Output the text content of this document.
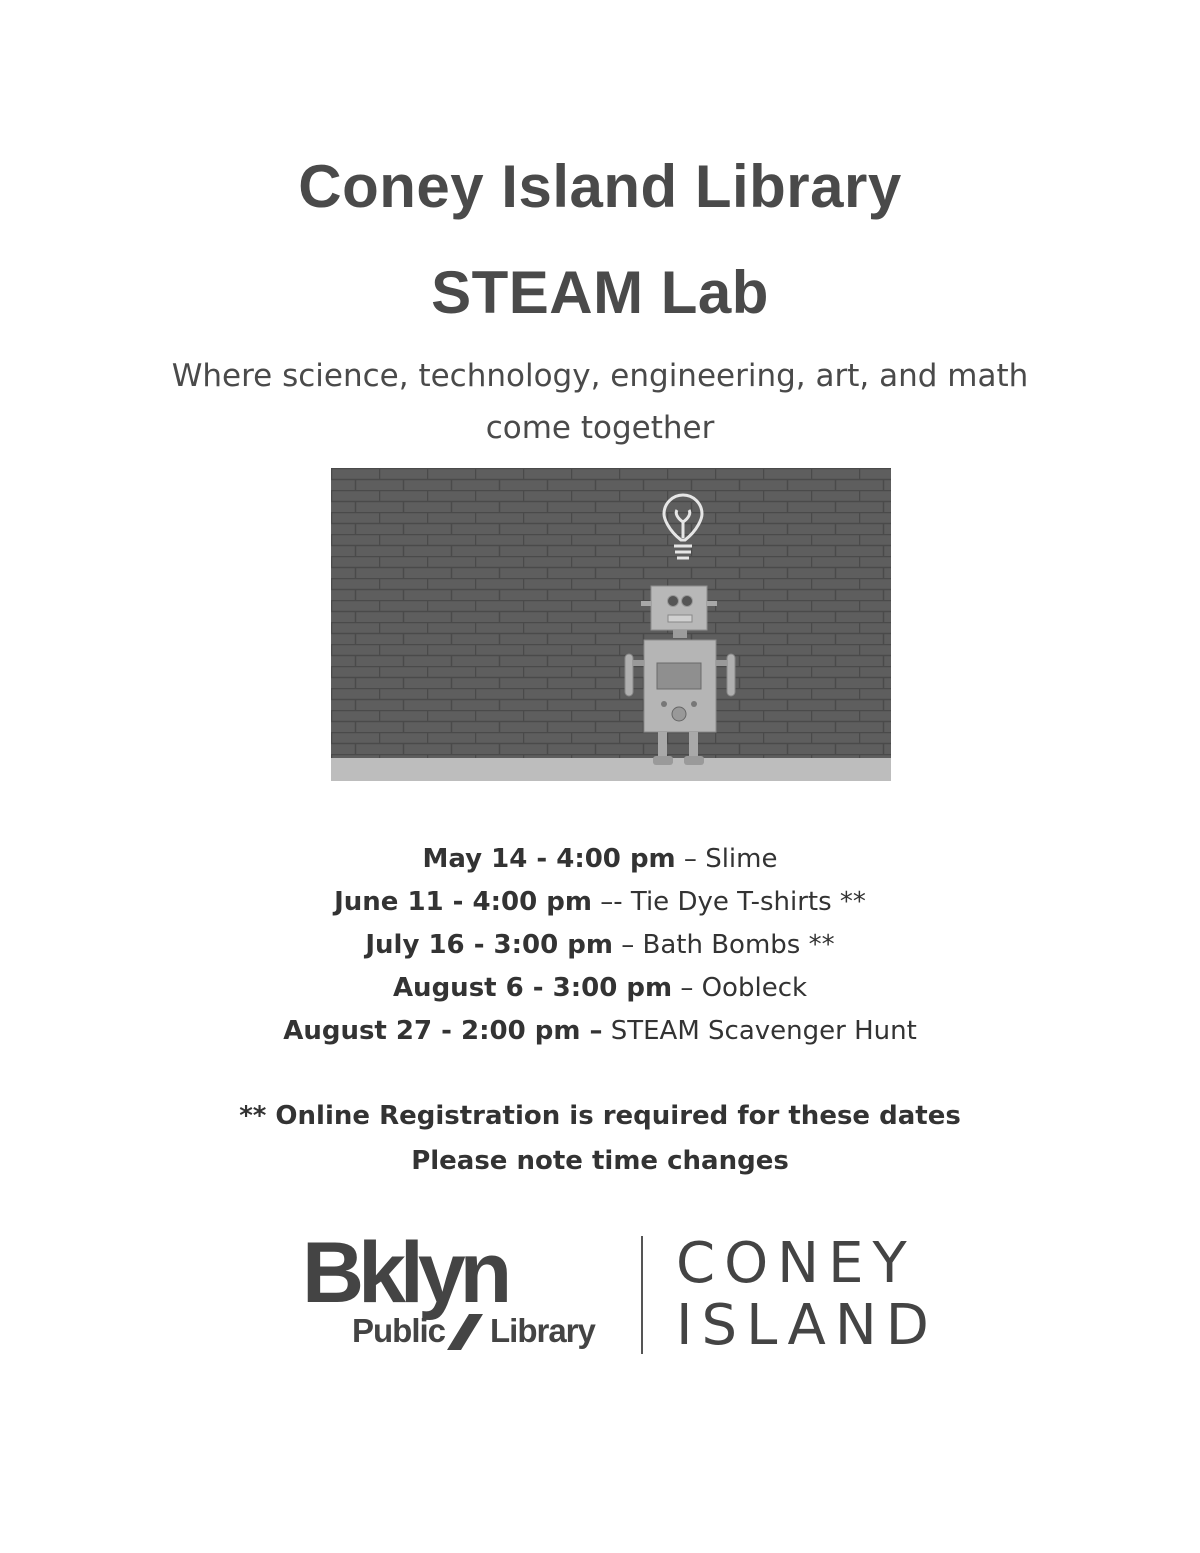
Coney Island Library
STEAM Lab
Where science, technology, engineering, art, and math
come together
May 14 - 4:00 pm – Slime
June 11 - 4:00 pm –- Tie Dye T-shirts **
July 16 - 3:00 pm – Bath Bombs **
August 6 - 3:00 pm – Oobleck
August 27 - 2:00 pm – STEAM Scavenger Hunt
** Online Registration is required for these dates
Please note time changes
Bklyn
Public Library
CONEY
ISLAND
